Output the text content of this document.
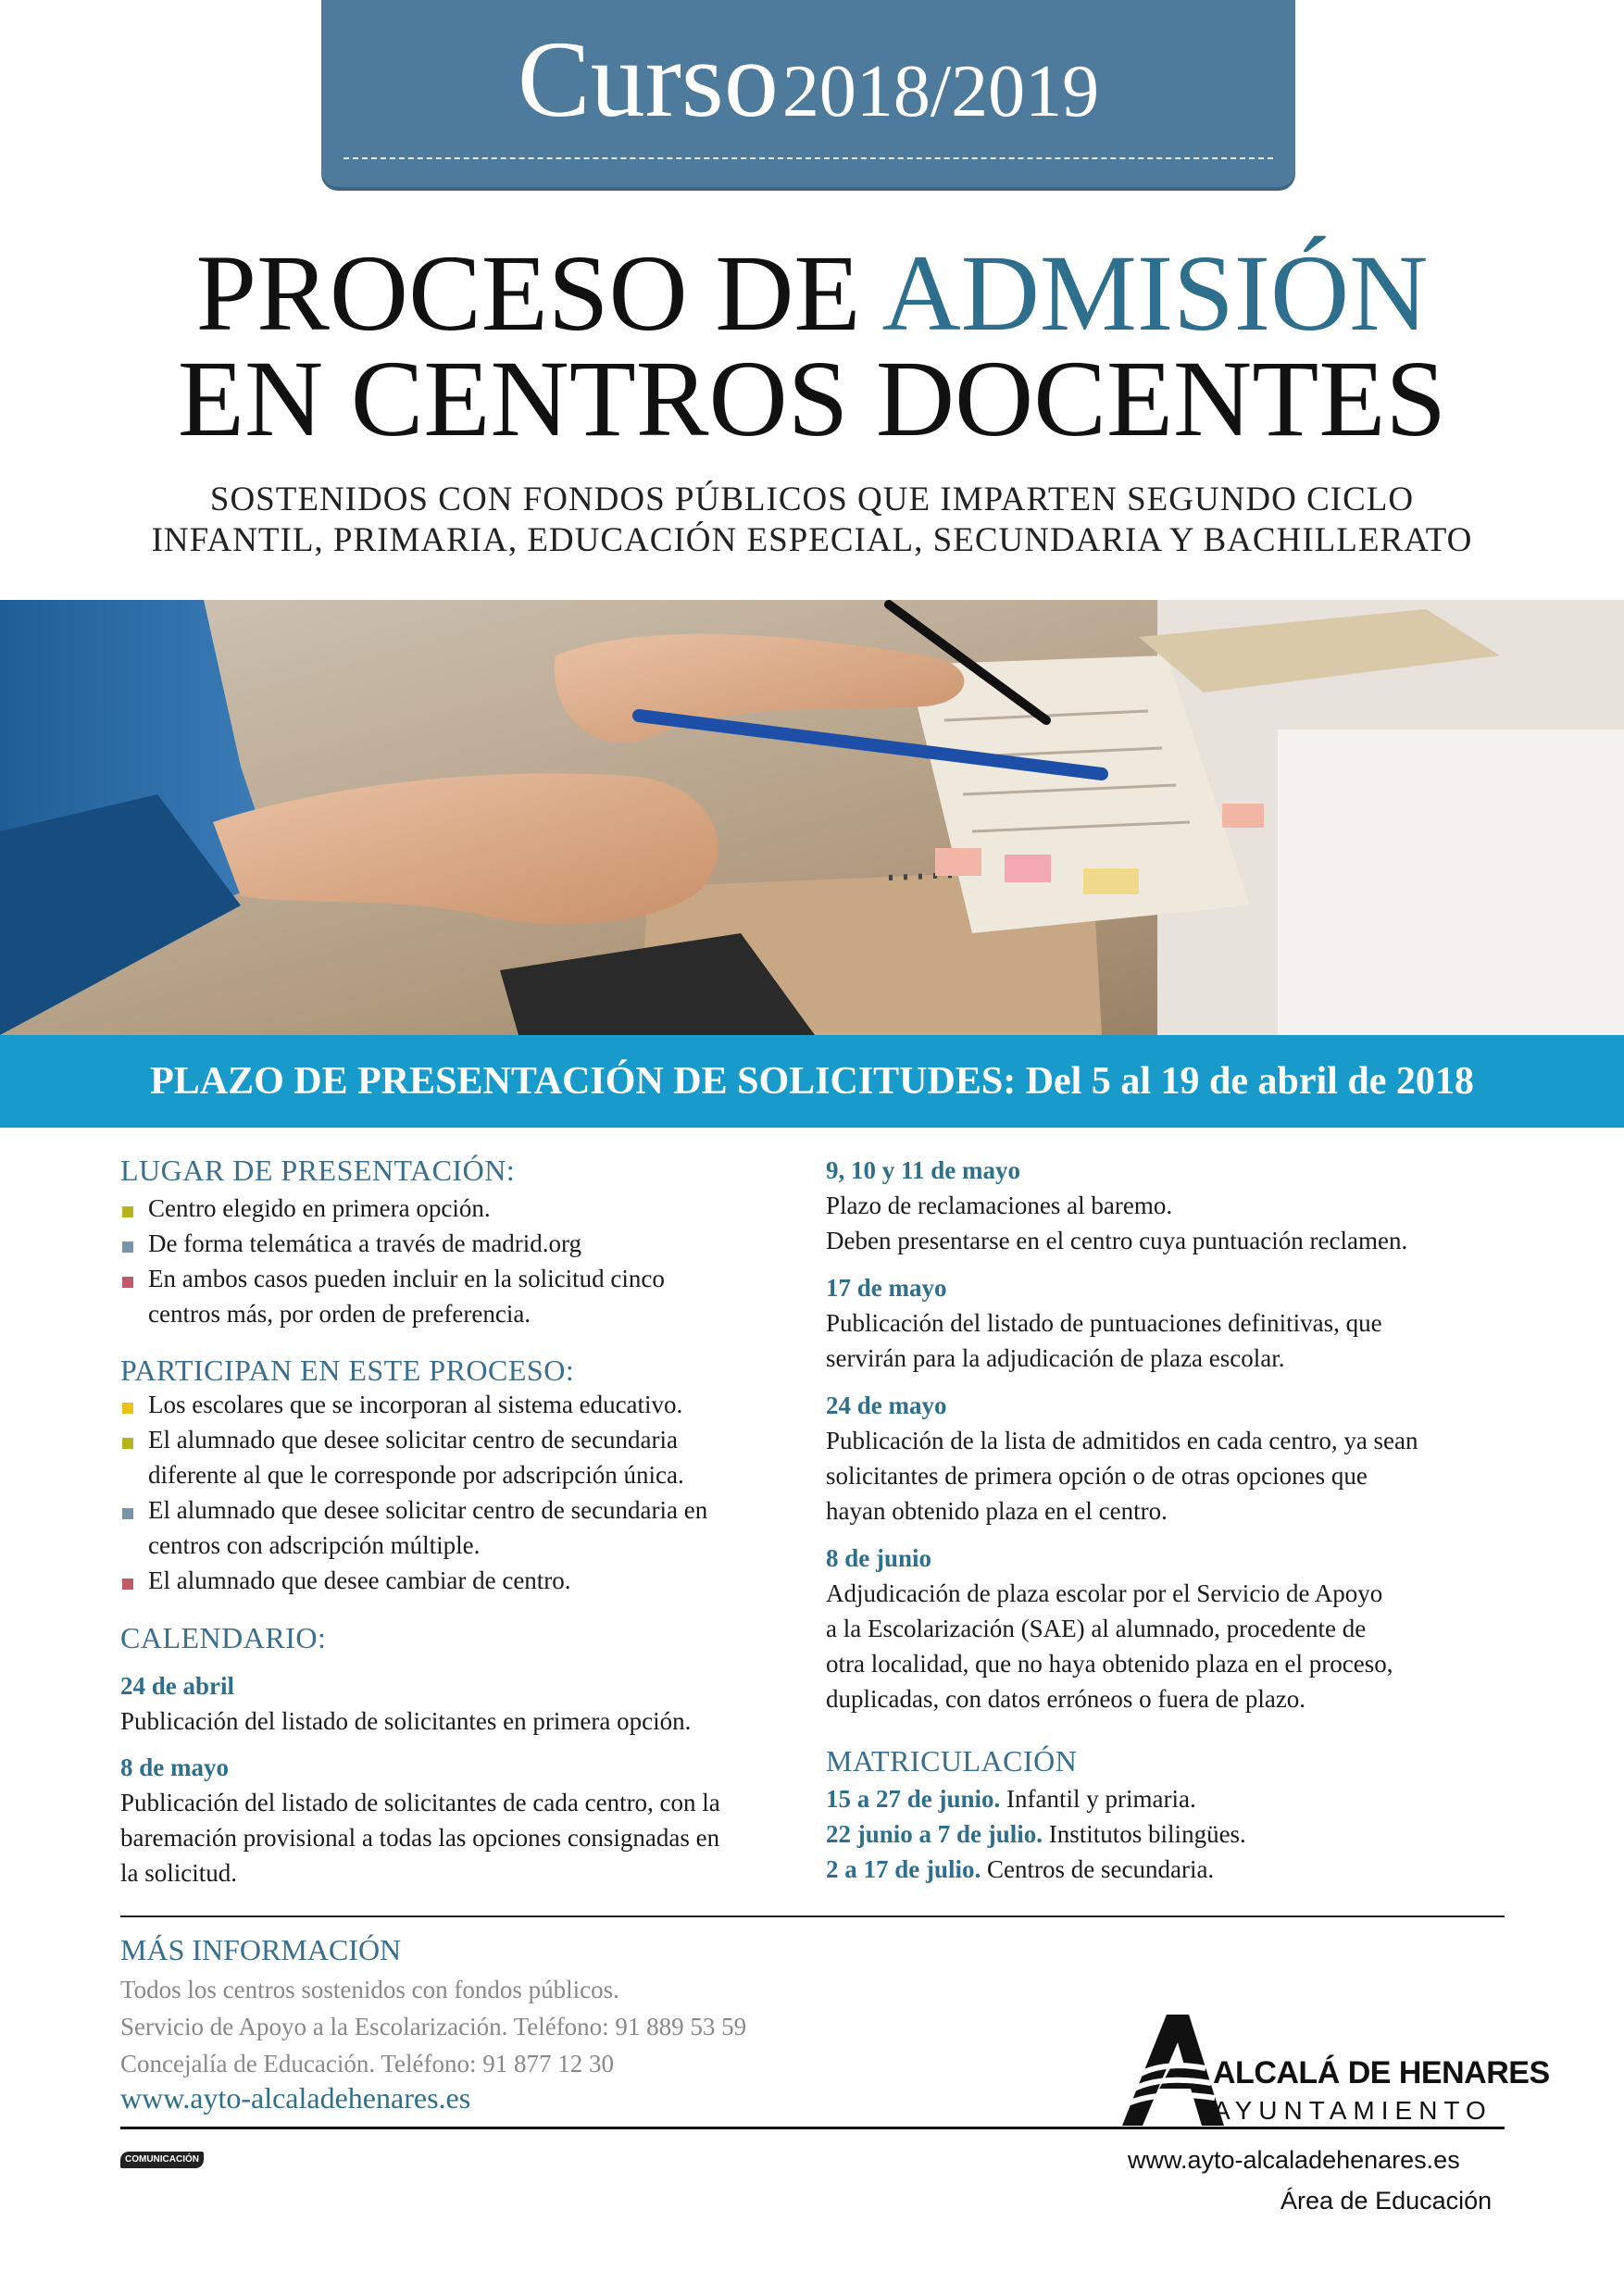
Curso 2018/2019
PROCESO DE ADMISIÓN
EN CENTROS DOCENTES
SOSTENIDOS CON FONDOS PÚBLICOS QUE IMPARTEN SEGUNDO CICLO
INFANTIL, PRIMARIA, EDUCACIÓN ESPECIAL, SECUNDARIA Y BACHILLERATO
PLAZO DE PRESENTACIÓN DE SOLICITUDES: Del 5 al 19 de abril de 2018
LUGAR DE PRESENTACIÓN:
PARTICIPAN EN ESTE PROCESO:
CALENDARIO:
MATRICULACIÓN
MÁS INFORMACIÓN
Todos los centros sostenidos con fondos públicos.
Servicio de Apoyo a la Escolarización. Teléfono: 91 889 53 59
Concejalía de Educación. Teléfono: 91 877 12 30
www.ayto-alcaladehenares.es
ALCALÁ DE HENARES
AYUNTAMIENTO
COMUNICACIÓN	www.ayto-alcaladehenares.es
Área de Educación
Centro elegido en primera opción.
De forma telemática a través de madrid.org
En ambos casos pueden incluir en la solicitud cinco
centros más, por orden de preferencia.
Los escolares que se incorporan al sistema educativo.
El alumnado que desee solicitar centro de secundaria
diferente al que le corresponde por adscripción única.
El alumnado que desee solicitar centro de secundaria en
centros con adscripción múltiple.
El alumnado que desee cambiar de centro.
24 de abril
Publicación del listado de solicitantes en primera opción.
8 de mayo
Publicación del listado de solicitantes de cada centro, con la
baremación provisional a todas las opciones consignadas en
la solicitud.
9, 10 y 11 de mayo
Plazo de reclamaciones al baremo.
Deben presentarse en el centro cuya puntuación reclamen.
17 de mayo
Publicación del listado de puntuaciones definitivas, que
servirán para la adjudicación de plaza escolar.
24 de mayo
Publicación de la lista de admitidos en cada centro, ya sean
solicitantes de primera opción o de otras opciones que
hayan obtenido plaza en el centro.
8 de junio
Adjudicación de plaza escolar por el Servicio de Apoyo
a la Escolarización (SAE) al alumnado, procedente de
otra localidad, que no haya obtenido plaza en el proceso,
duplicadas, con datos erróneos o fuera de plazo.
15 a 27 de junio. Infantil y primaria.
22 junio a 7 de julio. Institutos bilingües.
2 a 17 de julio. Centros de secundaria.
